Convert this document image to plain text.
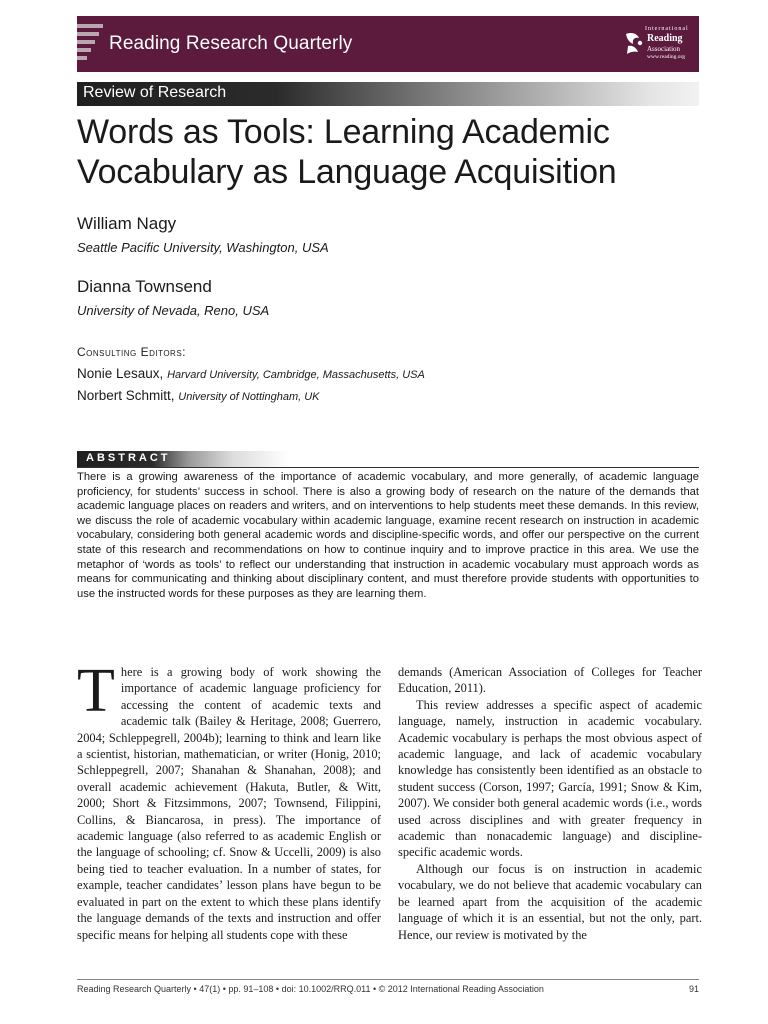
Reading Research Quarterly
International
Reading
Association
www.reading.org
Review of Research
Words as Tools: Learning Academic Vocabulary as Language Acquisition
William Nagy
Seattle Pacific University, Washington, USA
Dianna Townsend
University of Nevada, Reno, USA
Consulting Editors:
Nonie Lesaux, Harvard University, Cambridge, Massachusetts, USA
Norbert Schmitt, University of Nottingham, UK
ABSTRACT

There is a growing awareness of the importance of academic vocabulary, and more generally, of academic language proficiency, for students’ success in school. There is also a growing body of research on the nature of the demands that academic language places on readers and writers, and on interventions to help students meet these demands. In this review, we discuss the role of academic vocabulary within academic language, examine recent research on instruction in academic vocabulary, considering both general academic words and discipline-specific words, and offer our perspective on the current state of this research and recommendations on how to continue inquiry and to improve practice in this area. We use the metaphor of ‘words as tools’ to reflect our understanding that instruction in academic vocabulary must approach words as means for communicating and thinking about disciplinary content, and must therefore provide students with opportunities to use the instructed words for these purposes as they are learning them.

T here is a growing body of work showing the importance of academic language proficiency for accessing the content of academic texts and academic talk (Bailey & Heritage, 2008; Guerrero, 2004; Schleppegrell, 2004b); learning to think and learn like a scientist, historian, mathematician, or writer (Honig, 2010; Schleppegrell, 2007; Shanahan & Shanahan, 2008); and overall academic achievement (Hakuta, Butler, & Witt, 2000; Short & Fitzsimmons, 2007; Townsend, Filippini, Collins, & Biancarosa, in press). The importance of academic language (also referred to as academic English or the language of schooling; cf. Snow & Uccelli, 2009) is also being tied to teacher evaluation. In a number of states, for example, teacher candidates’ lesson plans have begun to be evaluated in part on the extent to which these plans identify the language demands of the texts and instruction and offer specific means for helping all students cope with these

demands (American Association of Colleges for Teacher Education, 2011).

This review addresses a specific aspect of academic language, namely, instruction in academic vocabulary. Academic vocabulary is perhaps the most obvious aspect of academic language, and lack of academic vocabulary knowledge has consistently been identified as an obstacle to student success (Corson, 1997; García, 1991; Snow & Kim, 2007). We consider both general academic words (i.e., words used across disciplines and with greater frequency in academic than nonacademic language) and discipline-specific academic words.

Although our focus is on instruction in academic vocabulary, we do not believe that academic vocabulary can be learned apart from the acquisition of the academic language of which it is an essential, but not the only, part. Hence, our review is motivated by the

Reading Research Quarterly • 47(1) • pp. 91–108 • doi: 10.1002/RRQ.011 • © 2012 International Reading Association	91
